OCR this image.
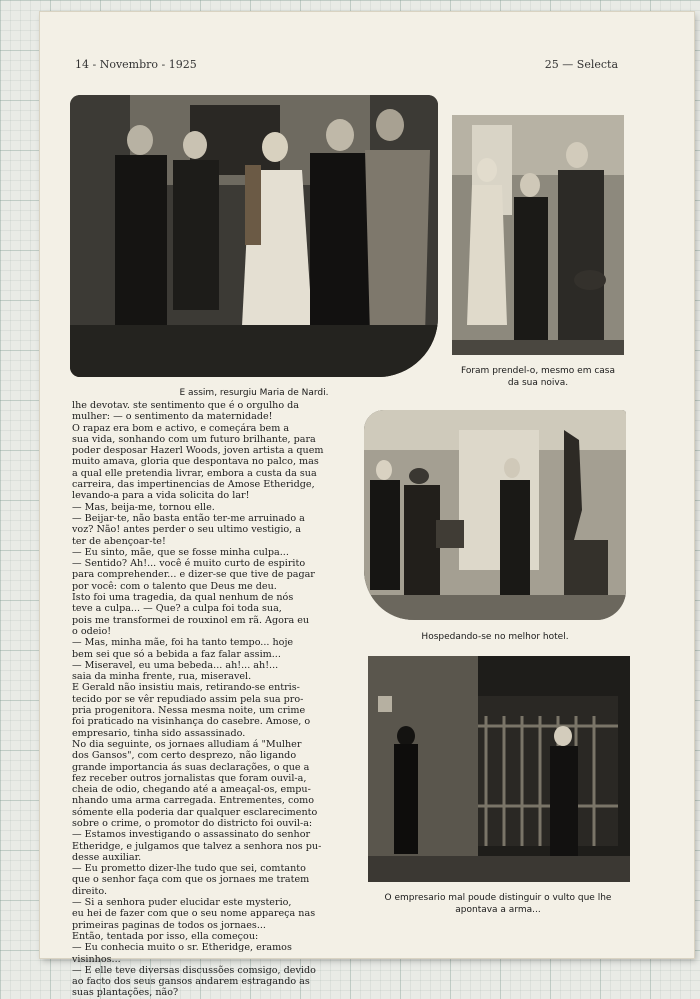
14 - Novembro - 1925	25 — Selecta
E assim, resurgiu Maria de Nardi.
Foram prendel-o, mesmo em casa
da sua noiva.
Hospedando-se no melhor hotel.
O empresario mal poude distinguir o vulto que lhe
apontava a arma...
lhe devotav. ste sentimento que é o orgulho da
mulher: — o sentimento da maternidade!
O rapaz era bom e activo, e começára bem a
sua vida, sonhando com um futuro brilhante, para
poder desposar Hazerl Woods, joven artista a quem
muito amava, gloria que despontava no palco, mas
a qual elle pretendia livrar, embora a custa da sua
carreira, das impertinencias de Amose Etheridge,
levando-a para a vida solicita do lar!
— Mas, beija-me, tornou elle.
— Beijar-te, não basta então ter-me arruinado a
voz? Não! antes perder o seu ultimo vestigio, a
ter de abençoar-te!
— Eu sinto, mãe, que se fosse minha culpa...
— Sentido? Ah!... você é muito curto de espirito
para comprehender... e dizer-se que tive de pagar
por você: com o talento que Deus me deu.
Isto foi uma tragedia, da qual nenhum de nós
teve a culpa... — Que? a culpa foi toda sua,
pois me transformei de rouxinol em rã. Agora eu
o odeio!
— Mas, minha mãe, foi ha tanto tempo... hoje
bem sei que só a bebida a faz falar assim...
— Miseravel, eu uma bebeda... ah!... ah!...
saia da minha frente, rua, miseravel.
E Gerald não insistiu mais, retirando-se entris-
tecido por se vêr repudiado assim pela sua pro-
pria progenitora. Nessa mesma noite, um crime
foi praticado na visinhança do casebre. Amose, o
empresario, tinha sido assassinado.
No dia seguinte, os jornaes alludiam á "Mulher
dos Gansos", com certo desprezo, não ligando
grande importancia ás suas declarações, o que a
fez receber outros jornalistas que foram ouvil-a,
cheia de odio, chegando até a ameaçal-os, empu-
nhando uma arma carregada. Entrementes, como
sómente ella poderia dar qualquer esclarecimento
sobre o crime, o promotor do districto foi ouvil-a:
— Estamos investigando o assassinato do senhor
Etheridge, e julgamos que talvez a senhora nos pu-
desse auxiliar.
— Eu prometto dizer-lhe tudo que sei, comtanto
que o senhor faça com que os jornaes me tratem
direito.
— Si a senhora puder elucidar este mysterio,
eu hei de fazer com que o seu nome appareça nas
primeiras paginas de todos os jornaes...
Então, tentada por isso, ella começou:
— Eu conhecia muito o sr. Etheridge, eramos
visinhos...
— E elle teve diversas discussões comsigo, devido
ao facto dos seus gansos andarem estragando as
suas plantações, não?
